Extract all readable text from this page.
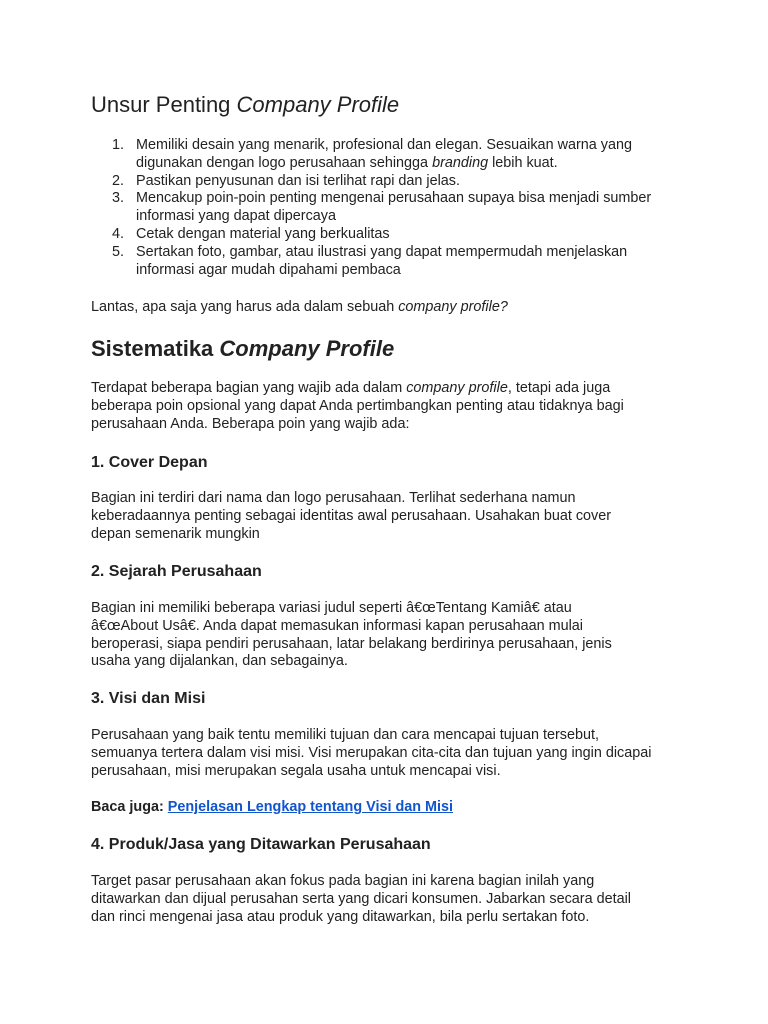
Unsur Penting Company Profile
1. Memiliki desain yang menarik, profesional dan elegan. Sesuaikan warna yang
digunakan dengan logo perusahaan sehingga branding lebih kuat.
2. Pastikan penyusunan dan isi terlihat rapi dan jelas.
3. Mencakup poin-poin penting mengenai perusahaan supaya bisa menjadi sumber
informasi yang dapat dipercaya
4. Cetak dengan material yang berkualitas
5. Sertakan foto, gambar, atau ilustrasi yang dapat mempermudah menjelaskan
informasi agar mudah dipahami pembaca

Lantas, apa saja yang harus ada dalam sebuah company profile?

Sistematika Company Profile

Terdapat beberapa bagian yang wajib ada dalam company profile, tetapi ada juga
beberapa poin opsional yang dapat Anda pertimbangkan penting atau tidaknya bagi
perusahaan Anda. Beberapa poin yang wajib ada:

1. Cover Depan

Bagian ini terdiri dari nama dan logo perusahaan. Terlihat sederhana namun
keberadaannya penting sebagai identitas awal perusahaan. Usahakan buat cover
depan semenarik mungkin

2. Sejarah Perusahaan

Bagian ini memiliki beberapa variasi judul seperti â€œTentang Kamiâ€ atau
â€œAbout Usâ€. Anda dapat memasukan informasi kapan perusahaan mulai
beroperasi, siapa pendiri perusahaan, latar belakang berdirinya perusahaan, jenis
usaha yang dijalankan, dan sebagainya.

3. Visi dan Misi

Perusahaan yang baik tentu memiliki tujuan dan cara mencapai tujuan tersebut,
semuanya tertera dalam visi misi. Visi merupakan cita-cita dan tujuan yang ingin dicapai
perusahaan, misi merupakan segala usaha untuk mencapai visi.

Baca juga: Penjelasan Lengkap tentang Visi dan Misi

4. Produk/Jasa yang Ditawarkan Perusahaan

Target pasar perusahaan akan fokus pada bagian ini karena bagian inilah yang
ditawarkan dan dijual perusahan serta yang dicari konsumen. Jabarkan secara detail
dan rinci mengenai jasa atau produk yang ditawarkan, bila perlu sertakan foto.
